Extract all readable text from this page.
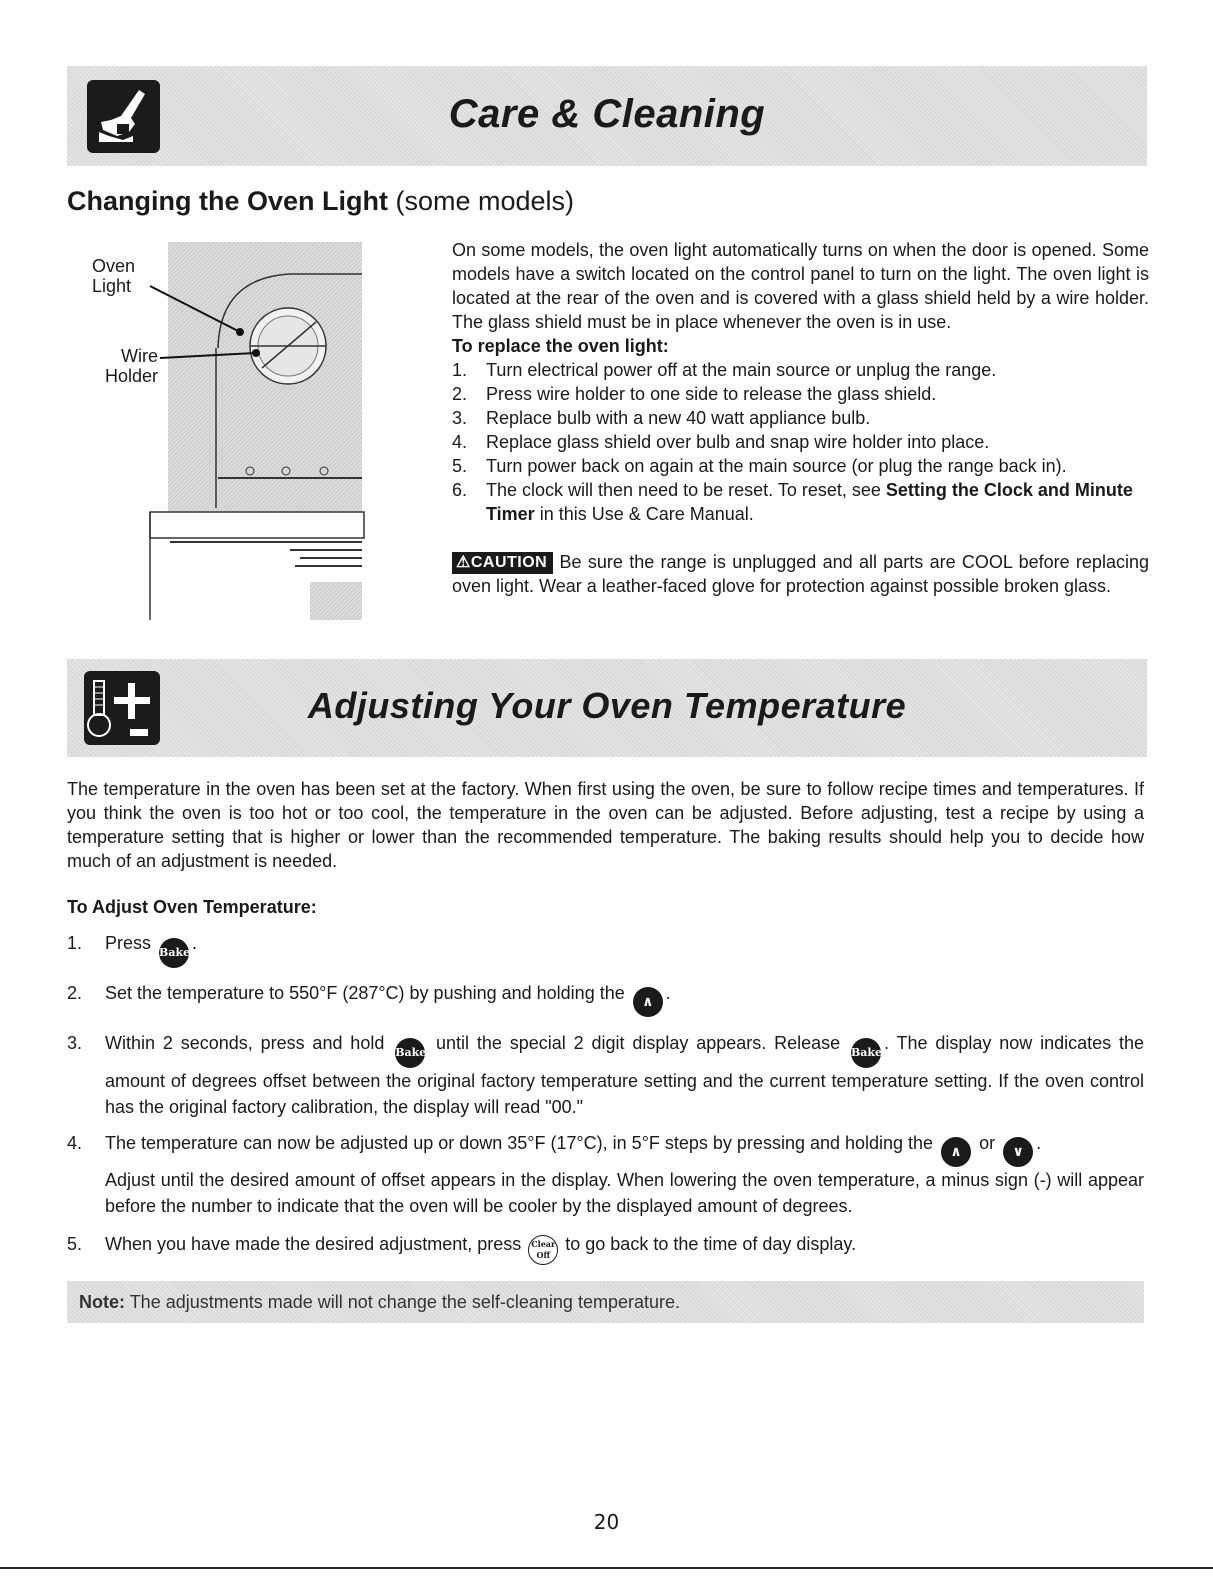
Care & Cleaning
Changing the Oven Light (some models)
Oven Light
Wire Holder
On some models, the oven light automatically turns on when the door is opened. Some models have a switch located on the control panel to turn on the light. The oven light is located at the rear of the oven and is covered with a glass shield held by a wire holder. The glass shield must be in place whenever the oven is in use.
To replace the oven light:
1. Turn electrical power off at the main source or unplug the range.
2. Press wire holder to one side to release the glass shield.
3. Replace bulb with a new 40 watt appliance bulb.
4. Replace glass shield over bulb and snap wire holder into place.
5. Turn power back on again at the main source (or plug the range back in).
6. The clock will then need to be reset. To reset, see Setting the Clock and Minute Timer in this Use & Care Manual.
⚠CAUTION Be sure the range is unplugged and all parts are COOL before replacing oven light. Wear a leather-faced glove for protection against possible broken glass.
Adjusting Your Oven Temperature
The temperature in the oven has been set at the factory. When first using the oven, be sure to follow recipe times and temperatures. If you think the oven is too hot or too cool, the temperature in the oven can be adjusted. Before adjusting, test a recipe by using a temperature setting that is higher or lower than the recommended temperature. The baking results should help you to decide how much of an adjustment is needed.
To Adjust Oven Temperature:
1. Press Bake .
2. Set the temperature to 550°F (287°C) by pushing and holding the ∧ .
3. Within 2 seconds, press and hold Bake until the special 2 digit display appears. Release Bake . The display now indicates the amount of degrees offset between the original factory temperature setting and the current temperature setting. If the oven control has the original factory calibration, the display will read "00."
4. The temperature can now be adjusted up or down 35°F (17°C), in 5°F steps by pressing and holding the ∧ or ∨ .
Adjust until the desired amount of offset appears in the display. When lowering the oven temperature, a minus sign (-) will appear before the number to indicate that the oven will be cooler by the displayed amount of degrees.
5. When you have made the desired adjustment, press Clear
Off to go back to the time of day display.
Note: The adjustments made will not change the self-cleaning temperature.
20
